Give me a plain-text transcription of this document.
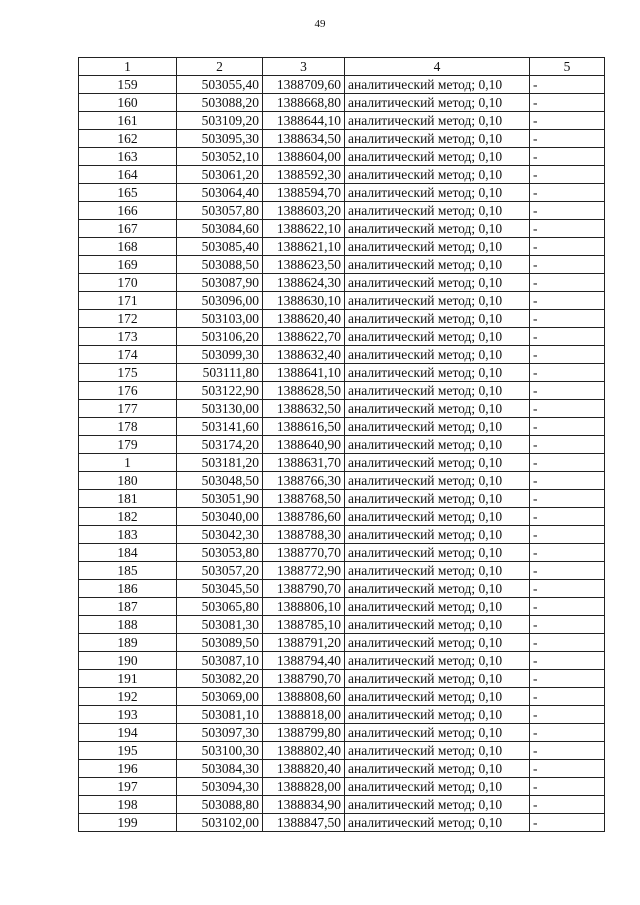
49
1	2	3	4	5
159	503055,40	1388709,60	аналитический метод; 0,10	-
160	503088,20	1388668,80	аналитический метод; 0,10	-
161	503109,20	1388644,10	аналитический метод; 0,10	-
162	503095,30	1388634,50	аналитический метод; 0,10	-
163	503052,10	1388604,00	аналитический метод; 0,10	-
164	503061,20	1388592,30	аналитический метод; 0,10	-
165	503064,40	1388594,70	аналитический метод; 0,10	-
166	503057,80	1388603,20	аналитический метод; 0,10	-
167	503084,60	1388622,10	аналитический метод; 0,10	-
168	503085,40	1388621,10	аналитический метод; 0,10	-
169	503088,50	1388623,50	аналитический метод; 0,10	-
170	503087,90	1388624,30	аналитический метод; 0,10	-
171	503096,00	1388630,10	аналитический метод; 0,10	-
172	503103,00	1388620,40	аналитический метод; 0,10	-
173	503106,20	1388622,70	аналитический метод; 0,10	-
174	503099,30	1388632,40	аналитический метод; 0,10	-
175	503111,80	1388641,10	аналитический метод; 0,10	-
176	503122,90	1388628,50	аналитический метод; 0,10	-
177	503130,00	1388632,50	аналитический метод; 0,10	-
178	503141,60	1388616,50	аналитический метод; 0,10	-
179	503174,20	1388640,90	аналитический метод; 0,10	-
1	503181,20	1388631,70	аналитический метод; 0,10	-
180	503048,50	1388766,30	аналитический метод; 0,10	-
181	503051,90	1388768,50	аналитический метод; 0,10	-
182	503040,00	1388786,60	аналитический метод; 0,10	-
183	503042,30	1388788,30	аналитический метод; 0,10	-
184	503053,80	1388770,70	аналитический метод; 0,10	-
185	503057,20	1388772,90	аналитический метод; 0,10	-
186	503045,50	1388790,70	аналитический метод; 0,10	-
187	503065,80	1388806,10	аналитический метод; 0,10	-
188	503081,30	1388785,10	аналитический метод; 0,10	-
189	503089,50	1388791,20	аналитический метод; 0,10	-
190	503087,10	1388794,40	аналитический метод; 0,10	-
191	503082,20	1388790,70	аналитический метод; 0,10	-
192	503069,00	1388808,60	аналитический метод; 0,10	-
193	503081,10	1388818,00	аналитический метод; 0,10	-
194	503097,30	1388799,80	аналитический метод; 0,10	-
195	503100,30	1388802,40	аналитический метод; 0,10	-
196	503084,30	1388820,40	аналитический метод; 0,10	-
197	503094,30	1388828,00	аналитический метод; 0,10	-
198	503088,80	1388834,90	аналитический метод; 0,10	-
199	503102,00	1388847,50	аналитический метод; 0,10	-
